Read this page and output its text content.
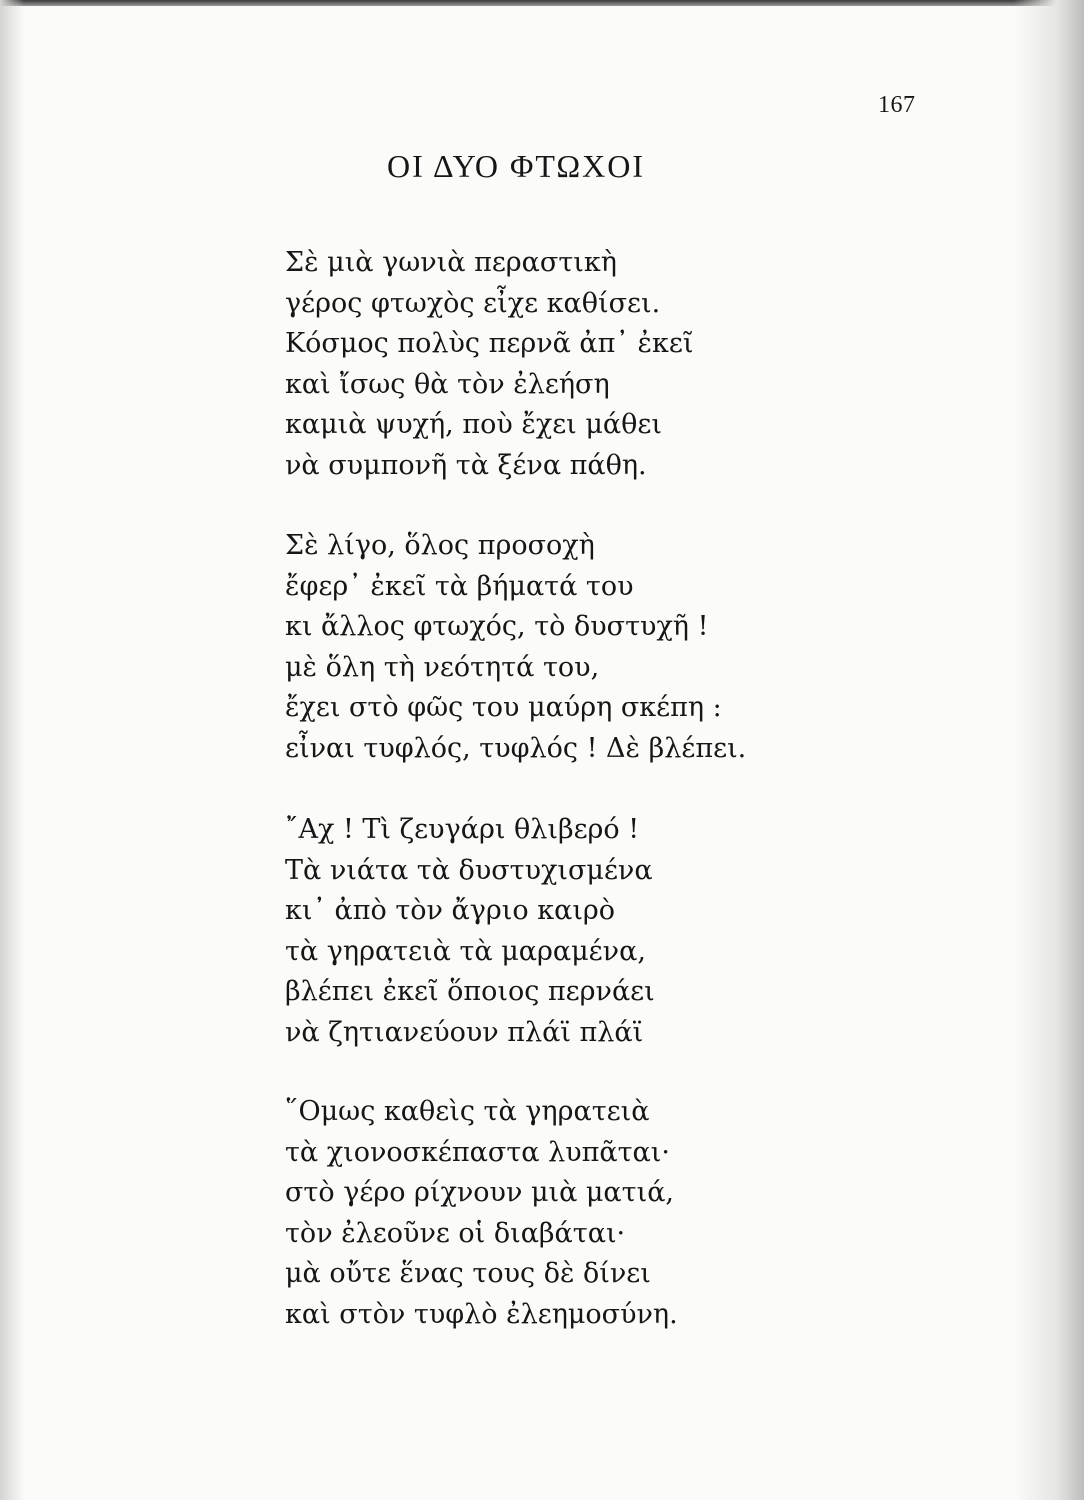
167
ΟΙ ΔΥΟ ΦΤΩΧΟΙ
Σὲ μιὰ γωνιὰ περαστικὴ
γέρος φτωχὸς εἶχε καθίσει.
Κόσμος πολὺς περνᾶ ἀπ᾽ ἐκεῖ
καὶ ἴσως θὰ τὸν ἐλεήση
καμιὰ ψυχή, ποὺ ἔχει μάθει
νὰ συμπονῆ τὰ ξένα πάθη.
Σὲ λίγο, ὅλος προσοχὴ
ἔφερ᾽ ἐκεῖ τὰ βήματά του
κι ἄλλος φτωχός, τὸ δυστυχῆ !
μὲ ὅλη τὴ νεότητά του,
ἔχει στὸ φῶς του μαύρη σκέπη :
εἶναι τυφλός, τυφλός ! Δὲ βλέπει.
῎Αχ ! Τὶ ζευγάρι θλιβερό !
Τὰ νιάτα τὰ δυστυχισμένα
κι᾽ ἀπὸ τὸν ἄγριο καιρὸ
τὰ γηρατειὰ τὰ μαραμένα,
βλέπει ἐκεῖ ὅποιος περνάει
νὰ ζητιανεύουν πλάϊ πλάϊ
῞Ομως καθεὶς τὰ γηρατειὰ
τὰ χιονοσκέπαστα λυπᾶται·
στὸ γέρο ρίχνουν μιὰ ματιά,
τὸν ἐλεοῦνε οἱ διαβάται·
μὰ οὔτε ἕνας τους δὲ δίνει
καὶ στὸν τυφλὸ ἐλεημοσύνη.
